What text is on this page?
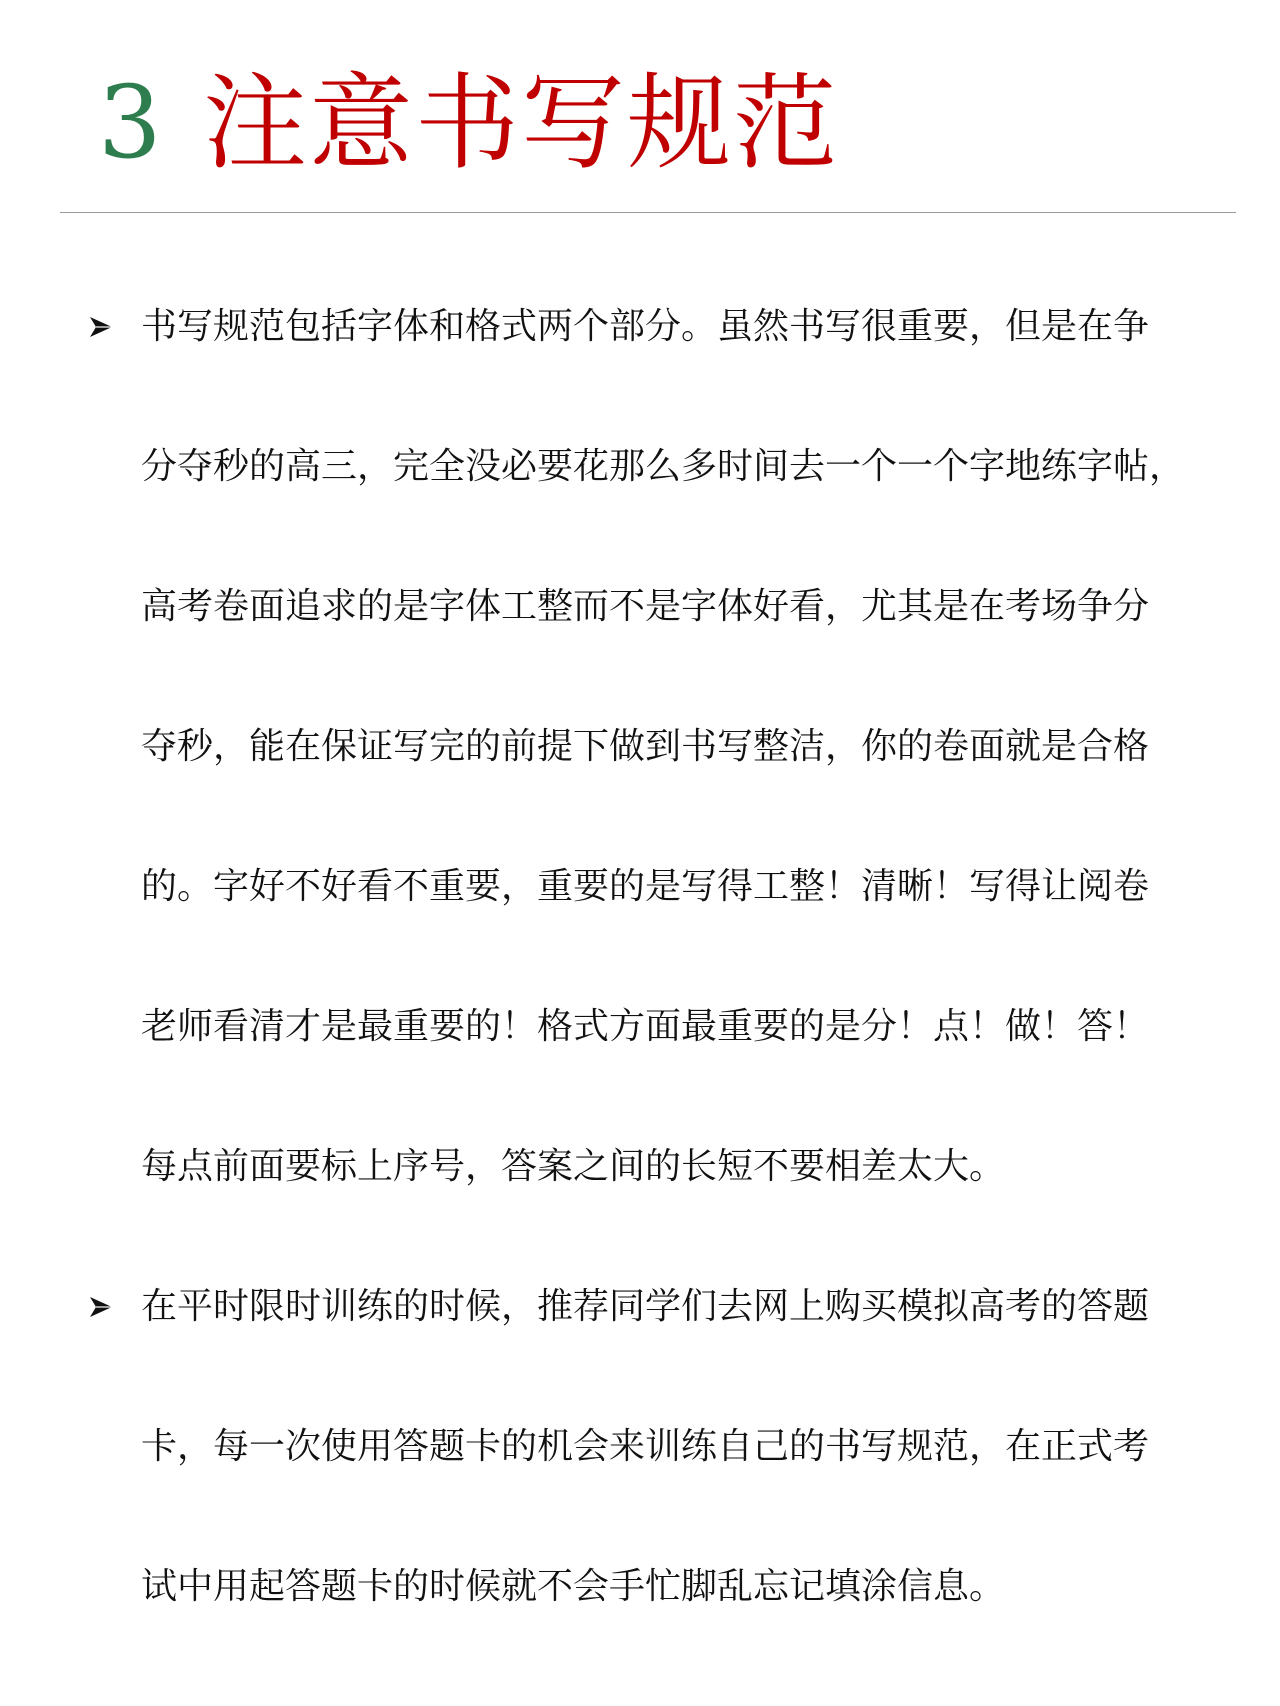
3 注意书写规范
书写规范包括字体和格式两个部分。虽然书写很重要，但是在争
分夺秒的高三，完全没必要花那么多时间去一个一个字地练字帖，
高考卷面追求的是字体工整而不是字体好看，尤其是在考场争分
夺秒，能在保证写完的前提下做到书写整洁，你的卷面就是合格
的。字好不好看不重要，重要的是写得工整！清晰！写得让阅卷
老师看清才是最重要的！格式方面最重要的是分！点！做！答！
每点前面要标上序号，答案之间的长短不要相差太大。
在平时限时训练的时候，推荐同学们去网上购买模拟高考的答题
卡，每一次使用答题卡的机会来训练自己的书写规范，在正式考
试中用起答题卡的时候就不会手忙脚乱忘记填涂信息。
